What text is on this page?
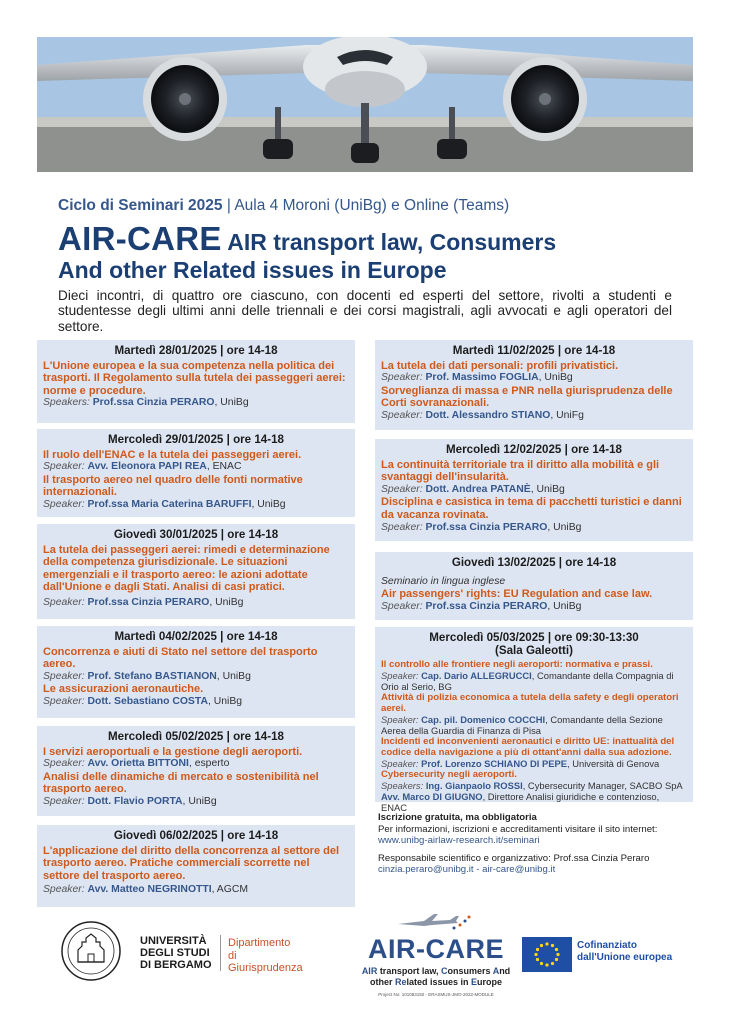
Ciclo di Seminari 2025 | Aula 4 Moroni (UniBg) e Online (Teams)
AIR-CARE AIR transport law, Consumers
And other Related issues in Europe
Dieci incontri, di quattro ore ciascuno, con docenti ed esperti del settore, rivolti a studenti e studentesse degli ultimi anni delle triennali e dei corsi magistrali, agli avvocati e agli operatori del settore.
Martedì 28/01/2025 | ore 14-18
L'Unione europea e la sua competenza nella politica dei trasporti. Il Regolamento sulla tutela dei passeggeri aerei: norme e procedure.
Speakers: Prof.ssa Cinzia PERARO, UniBg
Mercoledì 29/01/2025 | ore 14-18
Il ruolo dell'ENAC e la tutela dei passeggeri aerei.
Speaker: Avv. Eleonora PAPI REA, ENAC
Il trasporto aereo nel quadro delle fonti normative internazionali.
Speaker: Prof.ssa Maria Caterina BARUFFI, UniBg
Giovedì 30/01/2025 | ore 14-18
La tutela dei passeggeri aerei: rimedi e determinazione della competenza giurisdizionale. Le situazioni emergenziali e il trasporto aereo: le azioni adottate dall'Unione e dagli Stati. Analisi di casi pratici.
Speaker: Prof.ssa Cinzia PERARO, UniBg
Martedì 04/02/2025 | ore 14-18
Concorrenza e aiuti di Stato nel settore del trasporto aereo.
Speaker: Prof. Stefano BASTIANON, UniBg
Le assicurazioni aeronautiche.
Speaker: Dott. Sebastiano COSTA, UniBg
Mercoledì 05/02/2025 | ore 14-18
I servizi aeroportuali e la gestione degli aeroporti.
Speaker: Avv. Orietta BITTONI, esperto
Analisi delle dinamiche di mercato e sostenibilità nel trasporto aereo.
Speaker: Dott. Flavio PORTA, UniBg
Giovedì 06/02/2025 | ore 14-18
L'applicazione del diritto della concorrenza al settore del trasporto aereo. Pratiche commerciali scorrette nel settore del trasporto aereo.
Speaker: Avv. Matteo NEGRINOTTI, AGCM
Martedì 11/02/2025 | ore 14-18
La tutela dei dati personali: profili privatistici.
Speaker: Prof. Massimo FOGLIA, UniBg
Sorveglianza di massa e PNR nella giurisprudenza delle Corti sovranazionali.
Speaker: Dott. Alessandro STIANO, UniFg
Mercoledì 12/02/2025 | ore 14-18
La continuità territoriale tra il diritto alla mobilità e gli svantaggi dell'insularità.
Speaker: Dott. Andrea PATANÈ, UniBg
Disciplina e casistica in tema di pacchetti turistici e danni da vacanza rovinata.
Speaker: Prof.ssa Cinzia PERARO, UniBg
Giovedì 13/02/2025 | ore 14-18
Seminario in lingua inglese
Air passengers' rights: EU Regulation and case law.
Speaker: Prof.ssa Cinzia PERARO, UniBg
Mercoledì 05/03/2025 | ore 09:30-13:30
(Sala Galeotti)
Il controllo alle frontiere negli aeroporti: normativa e prassi.
Speaker: Cap. Dario ALLEGRUCCI, Comandante della Compagnia di Orio al Serio, BG
Attività di polizia economica a tutela della safety e degli operatori aerei.
Speaker: Cap. pil. Domenico COCCHI, Comandante della Sezione Aerea della Guardia di Finanza di Pisa
Incidenti ed inconvenienti aeronautici e diritto UE: inattualità del codice della navigazione a più di ottant'anni dalla sua adozione.
Speaker: Prof. Lorenzo SCHIANO DI PEPE, Università di Genova
Cybersecurity negli aeroporti.
Speakers: Ing. Gianpaolo ROSSI, Cybersecurity Manager, SACBO SpA
Avv. Marco DI GIUGNO, Direttore Analisi giuridiche e contenzioso, ENAC
Iscrizione gratuita, ma obbligatoria
Per informazioni, iscrizioni e accreditamenti visitare il sito internet:
www.unibg-airlaw-research.it/seminari
Responsabile scientifico e organizzativo: Prof.ssa Cinzia Peraro
cinzia.peraro@unibg.it - air-care@unibg.it
UNIVERSITÀ
DEGLI STUDI
DI BERGAMO
Dipartimento
di Giurisprudenza
AIR-CARE
AIR transport law, Consumers And
other Related issues in Europe
Project No: 101083150 - ERASMUS-JMO-2022-MODULE
Cofinanziato
dall'Unione europea
